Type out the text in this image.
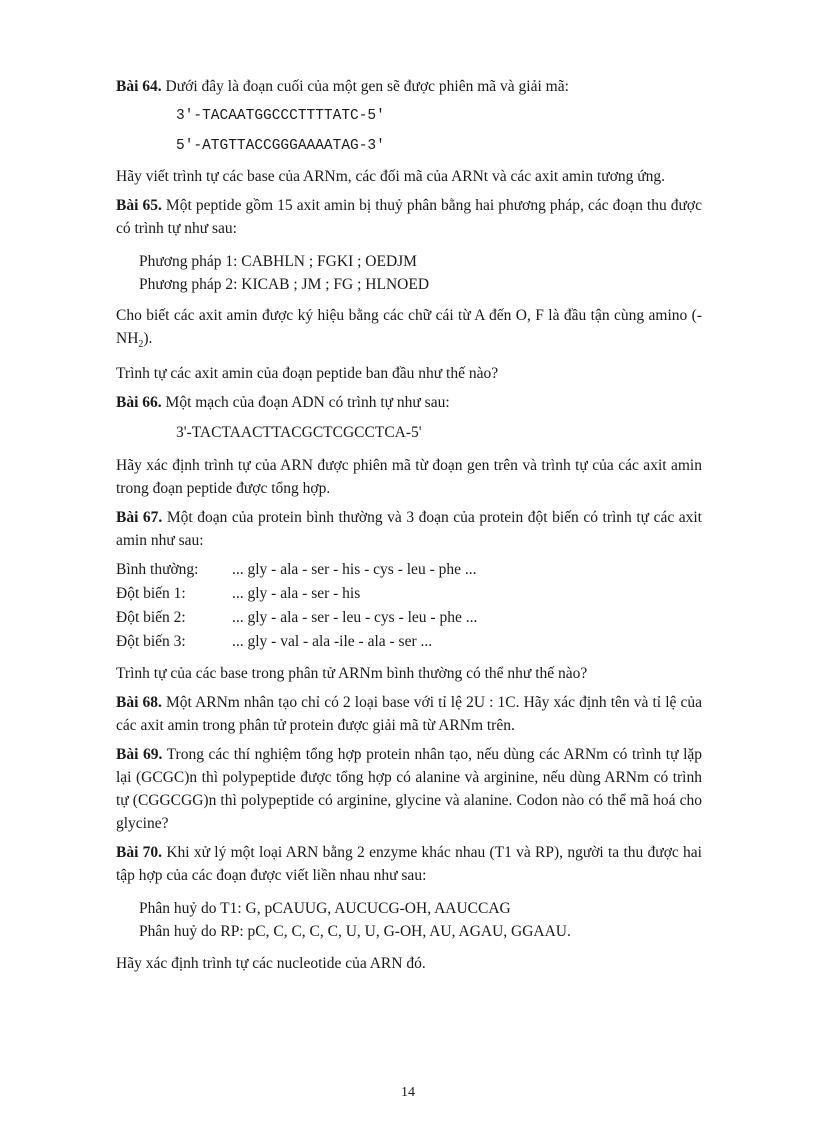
Bài 64. Dưới đây là đoạn cuối của một gen sẽ được phiên mã và giải mã:

3'-TACAATGGCCCTTTTATC-5'

5'-ATGTTACCGGGAAAATAG-3'

Hãy viết trình tự các base của ARNm, các đối mã của ARNt và các axit amin tương ứng.

Bài 65. Một peptide gồm 15 axit amin bị thuỷ phân bằng hai phương pháp, các đoạn thu được có trình tự như sau:

Phương pháp 1: CABHLN ; FGKI ; OEDJM

Phương pháp 2: KICAB ; JM ; FG ; HLNOED

Cho biết các axit amin được ký hiệu bằng các chữ cái từ A đến O, F là đầu tận cùng amino $(-NH_2)$.

Trình tự các axit amin của đoạn peptide ban đầu như thế nào?

Bài 66. Một mạch của đoạn ADN có trình tự như sau:

3'-TACTAACTTACGCTCGCCTCA-5'

Hãy xác định trình tự của ARN được phiên mã từ đoạn gen trên và trình tự của các axit amin trong đoạn peptide được tổng hợp.

Bài 67. Một đoạn của protein bình thường và 3 đoạn của protein đột biến có trình tự các axit amin như sau:

Bình thường:	... gly - ala - ser - his - cys - leu - phe ...
Đột biến 1:	... gly - ala - ser - his
Đột biến 2:	... gly - ala - ser - leu - cys - leu - phe ...
Đột biến 3:	... gly - val - ala -ile - ala - ser ...

Trình tự của các base trong phân tử ARNm bình thường có thể như thế nào?

Bài 68. Một ARNm nhân tạo chỉ có 2 loại base với tỉ lệ 2U : 1C. Hãy xác định tên và tỉ lệ của các axit amin trong phân tử protein được giải mã từ ARNm trên.

Bài 69. Trong các thí nghiệm tổng hợp protein nhân tạo, nếu dùng các ARNm có trình tự lặp lại (GCGC)n thì polypeptide được tổng hợp có alanine và arginine, nếu dùng ARNm có trình tự (CGGCGG)n thì polypeptide có arginine, glycine và alanine. Codon nào có thể mã hoá cho glycine?

Bài 70. Khi xử lý một loại ARN bằng 2 enzyme khác nhau (T1 và RP), người ta thu được hai tập hợp của các đoạn được viết liền nhau như sau:

Phân huỷ do T1: G, pCAUUG, AUCUCG-OH, AAUCCAG

Phân huỷ do RP: pC, C, C, C, C, U, U, G-OH, AU, AGAU, GGAAU.

Hãy xác định trình tự các nucleotide của ARN đó.

14
